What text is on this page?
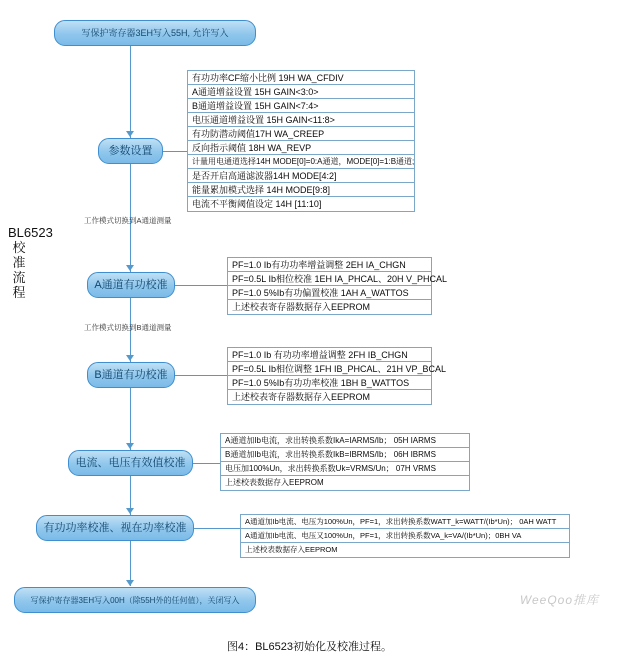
BL6523 校准流程
写保护寄存器3EH写入55H, 允许写入
参数设置
有功功率CF缩小比例 19H WA_CFDIV
A通道增益设置 15H GAIN<3:0>
B通道增益设置 15H GAIN<7:4>
电压通道增益设置 15H GAIN<11:8>
有功防潜动阈值17H WA_CREEP
反向指示阈值 18H WA_REVP
计量用电通道选择14H MODE[0]=0:A通道，MODE[0]=1:B通道;
是否开启高通滤波器14H MODE[4:2]
能量累加模式选择 14H MODE[9:8]
电流不平衡阈值设定 14H [11:10]
工作模式切换到A通道测量
A通道有功校准
PF=1.0 Ib有功功率增益调整 2EH IA_CHGN
PF=0.5L Ib相位校准 1EH IA_PHCAL、20H V_PHCAL
PF=1.0 5%Ib有功偏置校准 1AH A_WATTOS
上述校表寄存器数据存入EEPROM
工作模式切换到B通道测量
B通道有功校准
PF=1.0 Ib 有功功率增益调整 2FH IB_CHGN
PF=0.5L Ib相位调整 1FH IB_PHCAL、21H VP_BCAL
PF=1.0 5%Ib有功功率校准 1BH B_WATTOS
上述校表寄存器数据存入EEPROM
电流、电压有效值校准
A通道加Ib电流，求出转换系数IkA=IARMS/Ib； 05H IARMS
B通道加Ib电流，求出转换系数IkB=IBRMS/Ib； 06H IBRMS
电压加100%Un，求出转换系数Uk=VRMS/Un； 07H VRMS
上述校表数据存入EEPROM
有功功率校准、视在功率校准
A通道加Ib电流、电压为100%Un，PF=1，求出转换系数WATT_k=WATT/(Ib*Un)； 0AH WATT
A通道加Ib电流、电压又100%Un，PF=1，求出转换系数VA_k=VA/(Ib*Un)；0BH VA
上述校表数据存入EEPROM
写保护寄存器3EH写入00H（除55H外的任何值），关闭写入	WeeQoo推库
图4：BL6523初始化及校准过程。
